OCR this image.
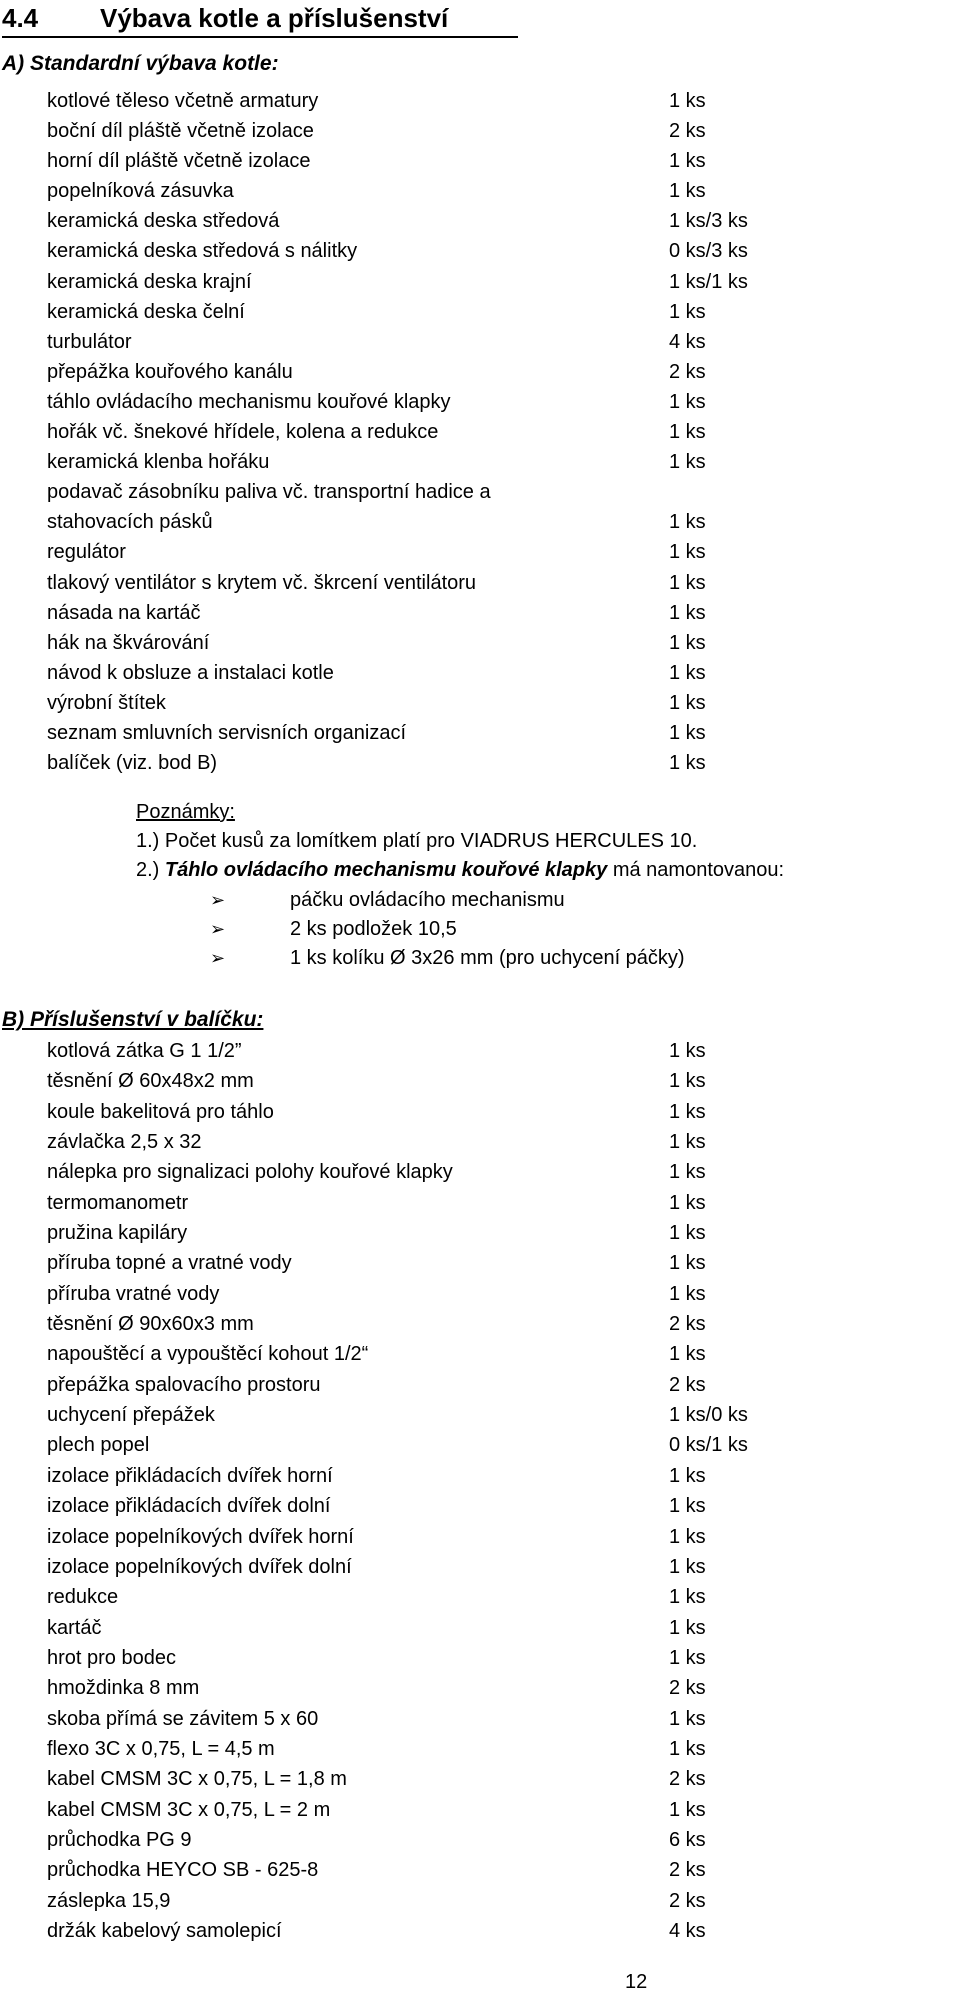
4.4 Výbava kotle a příslušenství
A) Standardní výbava kotle:
kotlové těleso včetně armatury	1 ks
boční díl pláště včetně izolace	2 ks
horní díl pláště včetně izolace	1 ks
popelníková zásuvka	1 ks
keramická deska středová	1 ks/3 ks
keramická deska středová s nálitky	0 ks/3 ks
keramická deska krajní	1 ks/1 ks
keramická deska čelní	1 ks
turbulátor	4 ks
přepážka kouřového kanálu	2 ks
táhlo ovládacího mechanismu kouřové klapky	1 ks
hořák vč. šnekové hřídele, kolena a redukce	1 ks
keramická klenba hořáku	1 ks
podavač zásobníku paliva vč. transportní hadice a
stahovacích pásků	1 ks
regulátor	1 ks
tlakový ventilátor s krytem vč. škrcení ventilátoru	1 ks
násada na kartáč	1 ks
hák na škvárování	1 ks
návod k obsluze a instalaci kotle	1 ks
výrobní štítek	1 ks
seznam smluvních servisních organizací	1 ks
balíček (viz. bod B)	1 ks
Poznámky:
1.) Počet kusů za lomítkem platí pro VIADRUS HERCULES 10.
2.) Táhlo ovládacího mechanismu kouřové klapky má namontovanou:
➢	páčku ovládacího mechanismu
➢	2 ks podložek 10,5
➢	1 ks kolíku Ø 3x26 mm (pro uchycení páčky)
B) Příslušenství v balíčku:
kotlová zátka G 1 1/2”	1 ks
těsnění Ø 60x48x2 mm	1 ks
koule bakelitová pro táhlo	1 ks
závlačka 2,5 x 32	1 ks
nálepka pro signalizaci polohy kouřové klapky	1 ks
termomanometr	1 ks
pružina kapiláry	1 ks
příruba topné a vratné vody	1 ks
příruba vratné vody	1 ks
těsnění Ø 90x60x3 mm	2 ks
napouštěcí a vypouštěcí kohout 1/2“	1 ks
přepážka spalovacího prostoru	2 ks
uchycení přepážek	1 ks/0 ks
plech popel	0 ks/1 ks
izolace přikládacích dvířek horní	1 ks
izolace přikládacích dvířek dolní	1 ks
izolace popelníkových dvířek horní	1 ks
izolace popelníkových dvířek dolní	1 ks
redukce	1 ks
kartáč	1 ks
hrot pro bodec	1 ks
hmoždinka 8 mm	2 ks
skoba přímá se závitem 5 x 60	1 ks
flexo 3C x 0,75, L = 4,5 m	1 ks
kabel CMSM 3C x 0,75, L = 1,8 m	2 ks
kabel CMSM 3C x 0,75, L = 2 m	1 ks
průchodka PG 9	6 ks
průchodka HEYCO SB - 625-8	2 ks
záslepka 15,9	2 ks
držák kabelový samolepicí	4 ks
12
